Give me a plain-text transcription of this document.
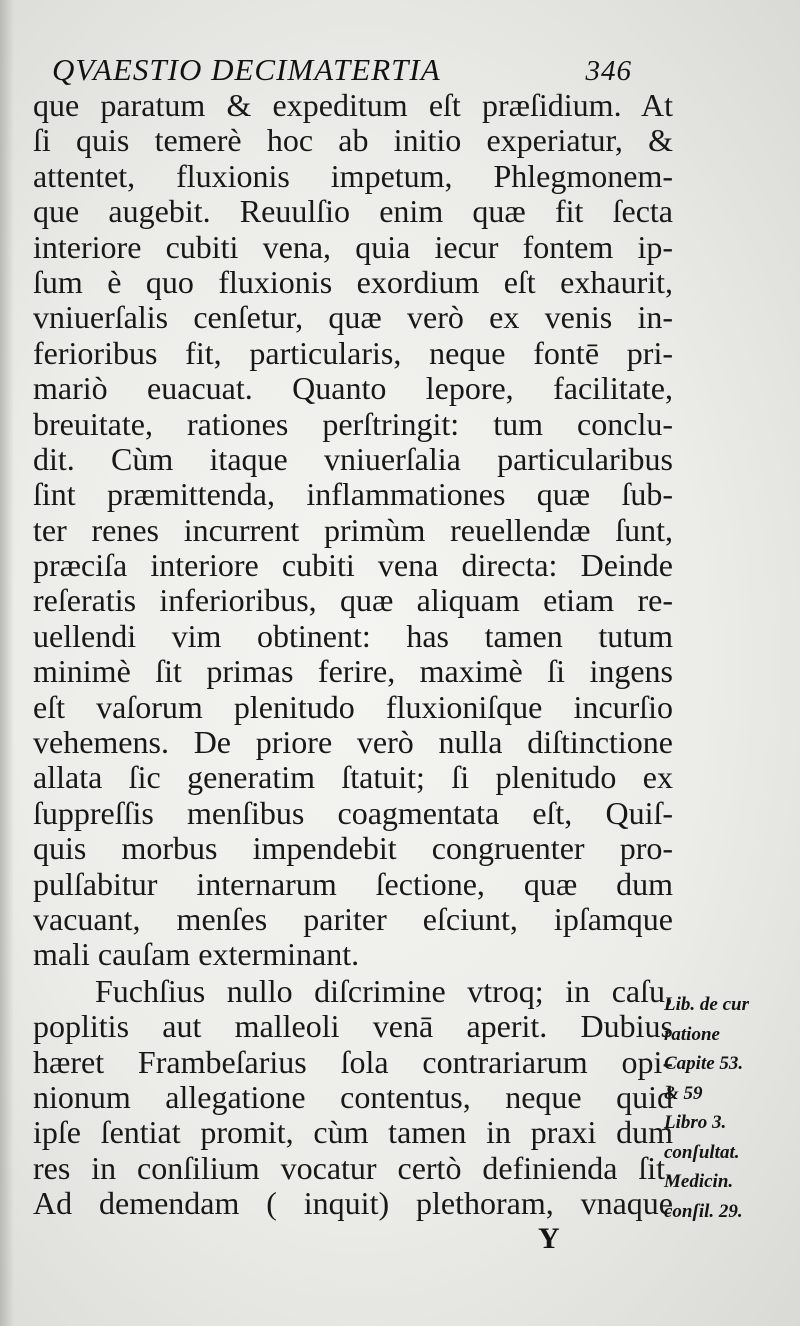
QVAESTIO DECIMATERTIA	346
que paratum & expeditum eſt præſidium. At
ſi quis temerè hoc ab initio experiatur, &
attentet, fluxionis impetum, Phlegmonem-
que augebit. Reuulſio enim quæ fit ſecta
interiore cubiti vena, quia iecur fontem ip-
ſum è quo fluxionis exordium eſt exhaurit,
vniuerſalis cenſetur, quæ verò ex venis in-
ferioribus fit, particularis, neque fontē pri-
mariò euacuat. Quanto lepore, facilitate,
breuitate, rationes perſtringit: tum conclu-
dit. Cùm itaque vniuerſalia particularibus
ſint præmittenda, inflammationes quæ ſub-
ter renes incurrent primùm reuellendæ ſunt,
præciſa interiore cubiti vena directa: Deinde
reſeratis inferioribus, quæ aliquam etiam re-
uellendi vim obtinent: has tamen tutum
minimè ſit primas ferire, maximè ſi ingens
eſt vaſorum plenitudo fluxioniſque incurſio
vehemens. De priore verò nulla diſtinctione
allata ſic generatim ſtatuit; ſi plenitudo ex
ſuppreſſis menſibus coagmentata eſt, Quiſ-
quis morbus impendebit congruenter pro-
pulſabitur internarum ſectione, quæ dum
vacuant, menſes pariter eſciunt, ipſamque
mali cauſam exterminant.
Fuchſius nullo diſcrimine vtroq; in caſu,
poplitis aut malleoli venā aperit. Dubius
hæret Frambeſarius ſola contrariarum opi-
nionum allegatione contentus, neque quid
ipſe ſentiat promit, cùm tamen in praxi dum
res in conſilium vocatur certò definienda ſit.
Ad demendam ( inquit) plethoram, vnaque
Lib. de cur
ratione
Capite 53.
& 59
Libro 3.
conſultat.
Medicin.
conſil. 29.
Y
